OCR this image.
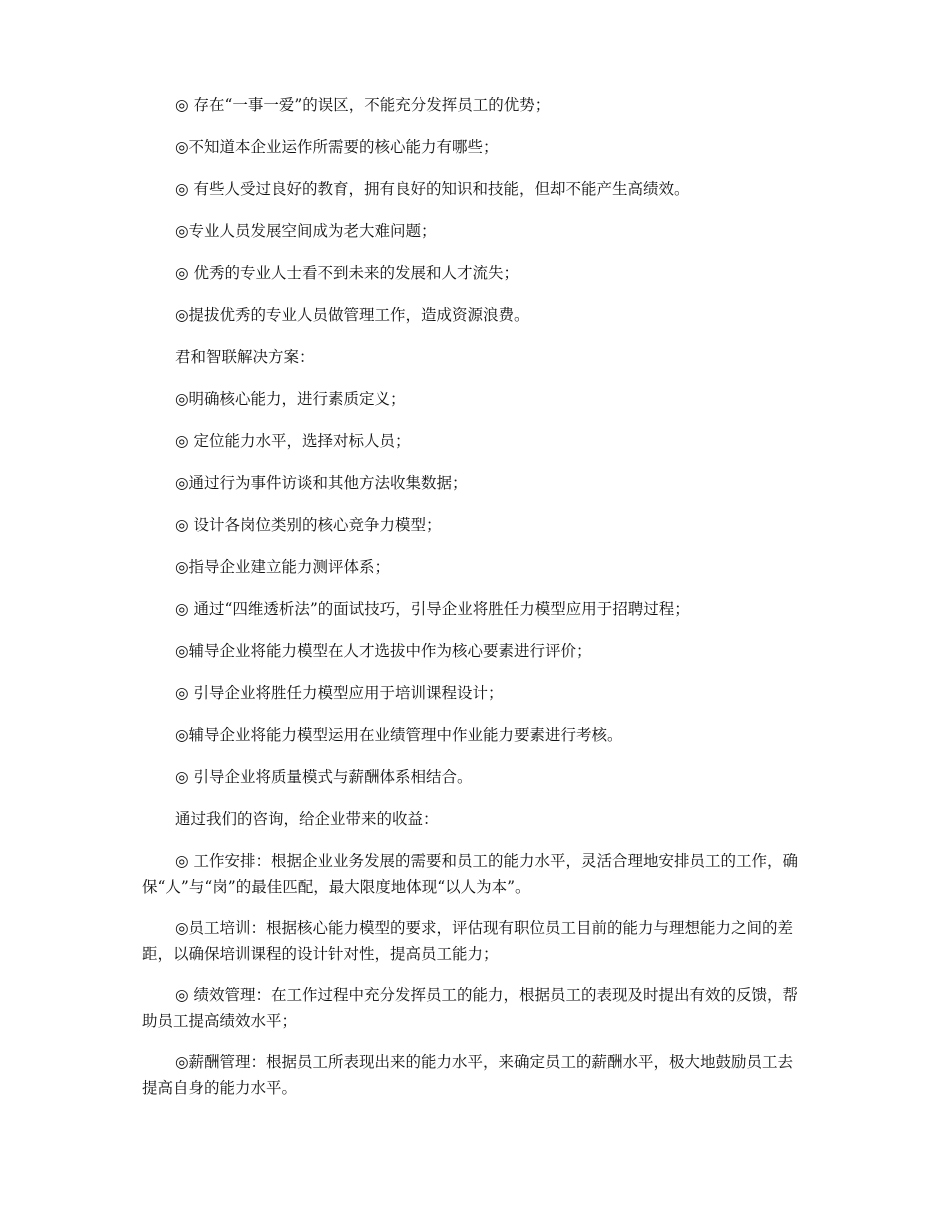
◎ 存在“一事一爱”的误区，不能充分发挥员工的优势；

◎不知道本企业运作所需要的核心能力有哪些；

◎ 有些人受过良好的教育，拥有良好的知识和技能，但却不能产生高绩效。

◎专业人员发展空间成为老大难问题；

◎ 优秀的专业人士看不到未来的发展和人才流失；

◎提拔优秀的专业人员做管理工作，造成资源浪费。

君和智联解决方案：

◎明确核心能力，进行素质定义；

◎ 定位能力水平，选择对标人员；

◎通过行为事件访谈和其他方法收集数据；

◎ 设计各岗位类别的核心竞争力模型；

◎指导企业建立能力测评体系；

◎ 通过“四维透析法”的面试技巧，引导企业将胜任力模型应用于招聘过程；

◎辅导企业将能力模型在人才选拔中作为核心要素进行评价；

◎ 引导企业将胜任力模型应用于培训课程设计；

◎辅导企业将能力模型运用在业绩管理中作业能力要素进行考核。

◎ 引导企业将质量模式与薪酬体系相结合。

通过我们的咨询，给企业带来的收益：

◎ 工作安排：根据企业业务发展的需要和员工的能力水平，灵活合理地安排员工的工作，确保“人”与“岗”的最佳匹配，最大限度地体现“以人为本”。

◎员工培训：根据核心能力模型的要求，评估现有职位员工目前的能力与理想能力之间的差距，以确保培训课程的设计针对性，提高员工能力；

◎ 绩效管理：在工作过程中充分发挥员工的能力，根据员工的表现及时提出有效的反馈，帮助员工提高绩效水平；

◎薪酬管理：根据员工所表现出来的能力水平，来确定员工的薪酬水平，极大地鼓励员工去提高自身的能力水平。
